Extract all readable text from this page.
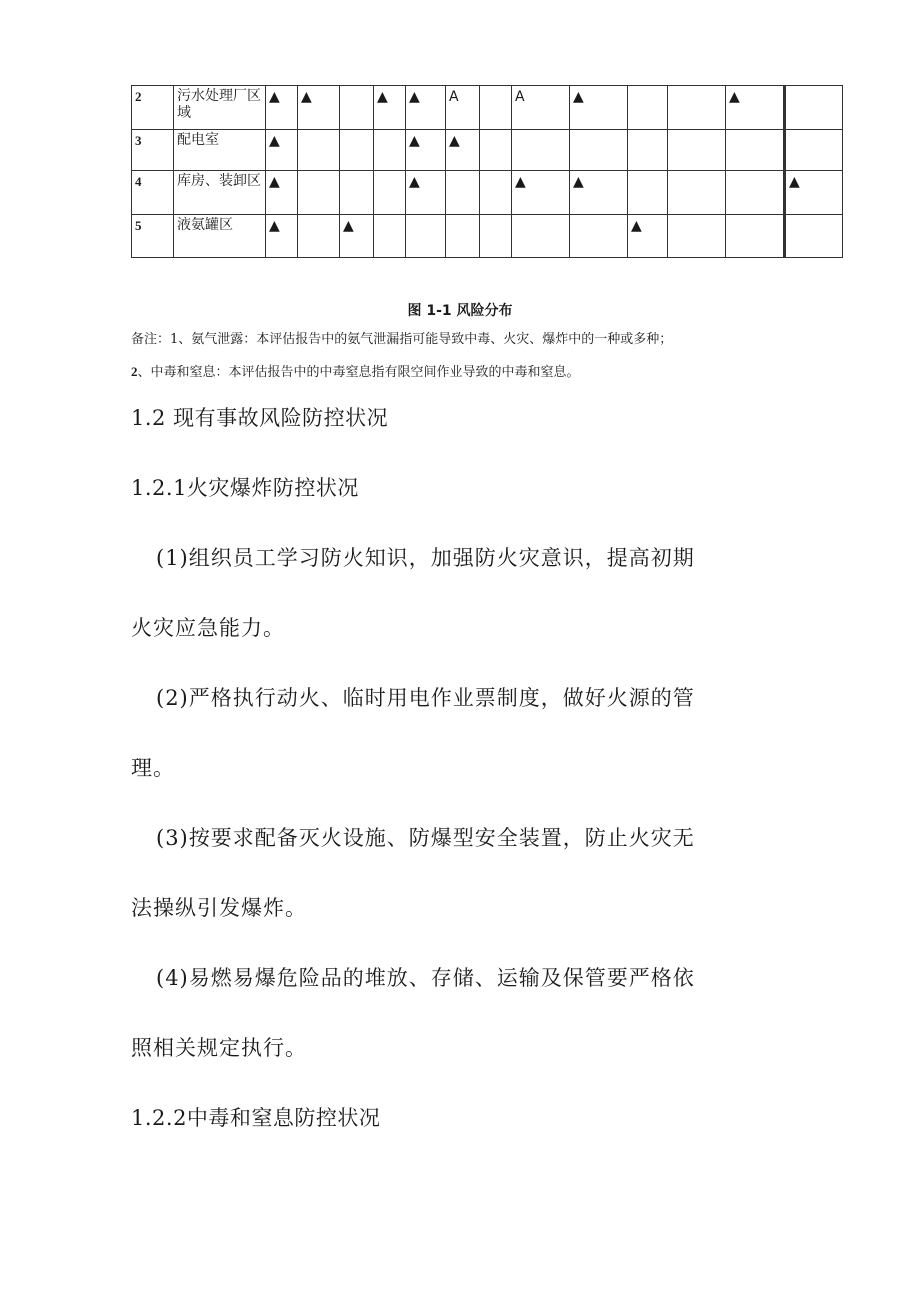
2	污水处理厂区域	▲	▲		▲	▲	A		A	▲			▲			
3	配电室	▲				▲	▲									
4	库房、装卸区	▲				▲			▲	▲						▲
5	液氨罐区	▲		▲							▲					
图 1-1 风险分布
备注：1、氨气泄露：本评估报告中的氨气泄漏指可能导致中毒、火灾、爆炸中的一种或多种；
2、中毒和窒息：本评估报告中的中毒窒息指有限空间作业导致的中毒和窒息。
1.2 现有事故风险防控状况
1.2.1火灾爆炸防控状况
(1)组织员工学习防火知识，加强防火灾意识，提高初期
火灾应急能力。
(2)严格执行动火、临时用电作业票制度，做好火源的管
理。
(3)按要求配备灭火设施、防爆型安全装置，防止火灾无
法操纵引发爆炸。
(4)易燃易爆危险品的堆放、存储、运输及保管要严格依
照相关规定执行。
1.2.2中毒和窒息防控状况
